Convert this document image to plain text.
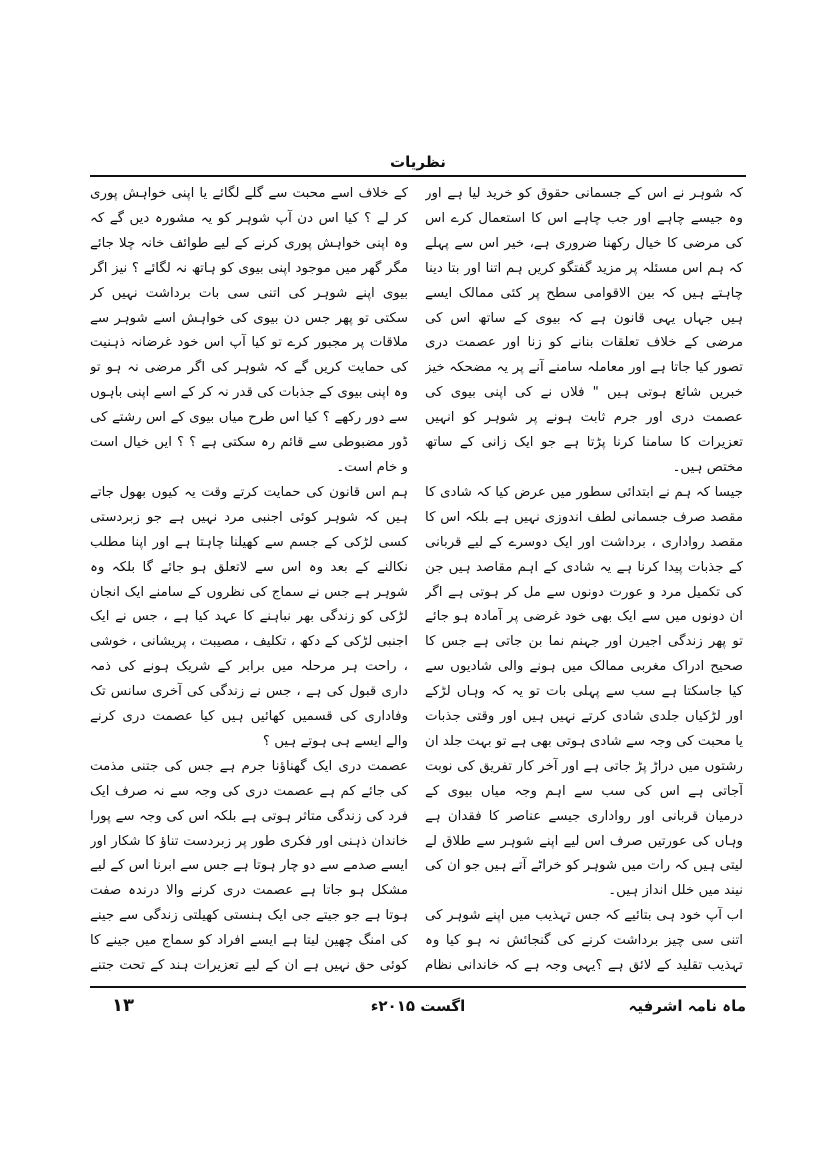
نظریات

کہ شوہر نے اس کے جسمانی حقوق کو خرید لیا ہے اور وہ جیسے چاہے اور جب چاہے اس کا استعمال کرے اس کی مرضی کا خیال رکھنا ضروری ہے، خیر اس سے پہلے کہ ہم اس مسئلہ پر مزید گفتگو کریں ہم اتنا اور بتا دینا چاہتے ہیں کہ بین الاقوامی سطح پر کئی ممالک ایسے ہیں جہاں یہی قانون ہے کہ بیوی کے ساتھ اس کی مرضی کے خلاف تعلقات بنانے کو زنا اور عصمت دری تصور کیا جاتا ہے اور معاملہ سامنے آنے پر یہ مضحکہ خیز خبریں شائع ہوتی ہیں " فلاں نے کی اپنی بیوی کی عصمت دری اور جرم ثابت ہونے پر شوہر کو انہیں تعزیرات کا سامنا کرنا پڑتا ہے جو ایک زانی کے ساتھ مختص ہیں۔

جیسا کہ ہم نے ابتدائی سطور میں عرض کیا کہ شادی کا مقصد صرف جسمانی لطف اندوزی نہیں ہے بلکہ اس کا مقصد رواداری ، برداشت اور ایک دوسرے کے لیے قربانی کے جذبات پیدا کرنا ہے یہ شادی کے اہم مقاصد ہیں جن کی تکمیل مرد و عورت دونوں سے مل کر ہوتی ہے اگر ان دونوں میں سے ایک بھی خود غرضی پر آمادہ ہو جائے تو پھر زندگی اجیرن اور جہنم نما بن جاتی ہے جس کا صحیح ادراک مغربی ممالک میں ہونے والی شادیوں سے کیا جاسکتا ہے سب سے پہلی بات تو یہ کہ وہاں لڑکے اور لڑکیاں جلدی شادی کرتے نہیں ہیں اور وقتی جذبات یا محبت کی وجہ سے شادی ہوتی بھی ہے تو بہت جلد ان رشتوں میں دراڑ پڑ جاتی ہے اور آخر کار تفریق کی نوبت آجاتی ہے اس کی سب سے اہم وجہ میاں بیوی کے درمیان قربانی اور رواداری جیسے عناصر کا فقدان ہے وہاں کی عورتیں صرف اس لیے اپنے شوہر سے طلاق لے لیتی ہیں کہ رات میں شوہر کو خراٹے آتے ہیں جو ان کی نیند میں خلل انداز ہیں۔

اب آپ خود ہی بتائیے کہ جس تہذیب میں اپنے شوہر کی اتنی سی چیز برداشت کرنے کی گنجائش نہ ہو کیا وہ تہذیب تقلید کے لائق ہے ؟یہی وجہ ہے کہ خاندانی نظام

کے خلاف اسے محبت سے گلے لگائے یا اپنی خواہش پوری کر لے ؟ کیا اس دن آپ شوہر کو یہ مشورہ دیں گے کہ وہ اپنی خواہش پوری کرنے کے لیے طوائف خانہ چلا جائے مگر گھر میں موجود اپنی بیوی کو ہاتھ نہ لگائے ؟ نیز اگر بیوی اپنے شوہر کی اتنی سی بات برداشت نہیں کر سکتی تو پھر جس دن بیوی کی خواہش اسے شوہر سے ملاقات پر مجبور کرے تو کیا آپ اس خود غرضانہ ذہنیت کی حمایت کریں گے کہ شوہر کی اگر مرضی نہ ہو تو وہ اپنی بیوی کے جذبات کی قدر نہ کر کے اسے اپنی باہوں سے دور رکھے ؟ کیا اس طرح میاں بیوی کے اس رشتے کی ڈور مضبوطی سے قائم رہ سکتی ہے ؟ ؟ ایں خیال است و خام است۔

ہم اس قانون کی حمایت کرتے وقت یہ کیوں بھول جاتے ہیں کہ شوہر کوئی اجنبی مرد نہیں ہے جو زبردستی کسی لڑکی کے جسم سے کھیلنا چاہتا ہے اور اپنا مطلب نکالنے کے بعد وہ اس سے لاتعلق ہو جائے گا بلکہ وہ شوہر ہے جس نے سماج کی نظروں کے سامنے ایک انجان لڑکی کو زندگی بھر نباہنے کا عہد کیا ہے ، جس نے ایک اجنبی لڑکی کے دکھ ، تکلیف ، مصیبت ، پریشانی ، خوشی ، راحت ہر مرحلہ میں برابر کے شریک ہونے کی ذمہ داری قبول کی ہے ، جس نے زندگی کی آخری سانس تک وفاداری کی قسمیں کھائیں ہیں کیا عصمت دری کرنے والے ایسے ہی ہوتے ہیں ؟

عصمت دری ایک گھناؤنا جرم ہے جس کی جتنی مذمت کی جائے کم ہے عصمت دری کی وجہ سے نہ صرف ایک فرد کی زندگی متاثر ہوتی ہے بلکہ اس کی وجہ سے پورا خاندان ذہنی اور فکری طور پر زبردست تناؤ کا شکار اور ایسے صدمے سے دو چار ہوتا ہے جس سے ابرنا اس کے لیے مشکل ہو جاتا ہے عصمت دری کرنے والا درندہ صفت ہوتا ہے جو جیتے جی ایک ہنستی کھیلتی زندگی سے جینے کی امنگ چھین لیتا ہے ایسے افراد کو سماج میں جینے کا کوئی حق نہیں ہے ان کے لیے تعزیرات ہند کے تحت جتنے

ماہ نامہ اشرفیہ
اگست ۲۰۱۵ء
۱۳
